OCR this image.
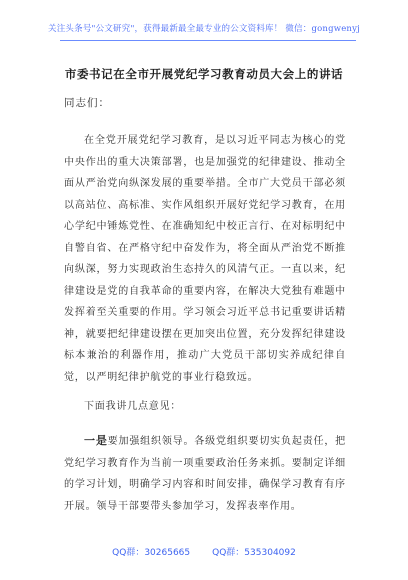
关注头条号"公文研究"，获得最新最全最专业的公文资料库！ 微信：gongwenyj
市委书记在全市开展党纪学习教育动员大会上的讲话
同志们：

在全党开展党纪学习教育，是以习近平同志为核心的党中央作出的重大决策部署，也是加强党的纪律建设、推动全面从严治党向纵深发展的重要举措。全市广大党员干部必须以高站位、高标准、实作风组织开展好党纪学习教育，在用心学纪中锤炼党性、在准确知纪中校正言行、在对标明纪中自警自省、在严格守纪中奋发作为，将全面从严治党不断推向纵深，努力实现政治生态持久的风清气正。一直以来，纪律建设是党的自我革命的重要内容，在解决大党独有难题中发挥着至关重要的作用。学习领会习近平总书记重要讲话精神，就要把纪律建设摆在更加突出位置，充分发挥纪律建设标本兼治的利器作用，推动广大党员干部切实养成纪律自觉，以严明纪律护航党的事业行稳致远。

下面我讲几点意见：

一是要加强组织领导。各级党组织要切实负起责任，把党纪学习教育作为当前一项重要政治任务来抓。要制定详细的学习计划，明确学习内容和时间安排，确保学习教育有序开展。领导干部要带头参加学习，发挥表率作用。

QQ群：30265665 QQ群：535304092
